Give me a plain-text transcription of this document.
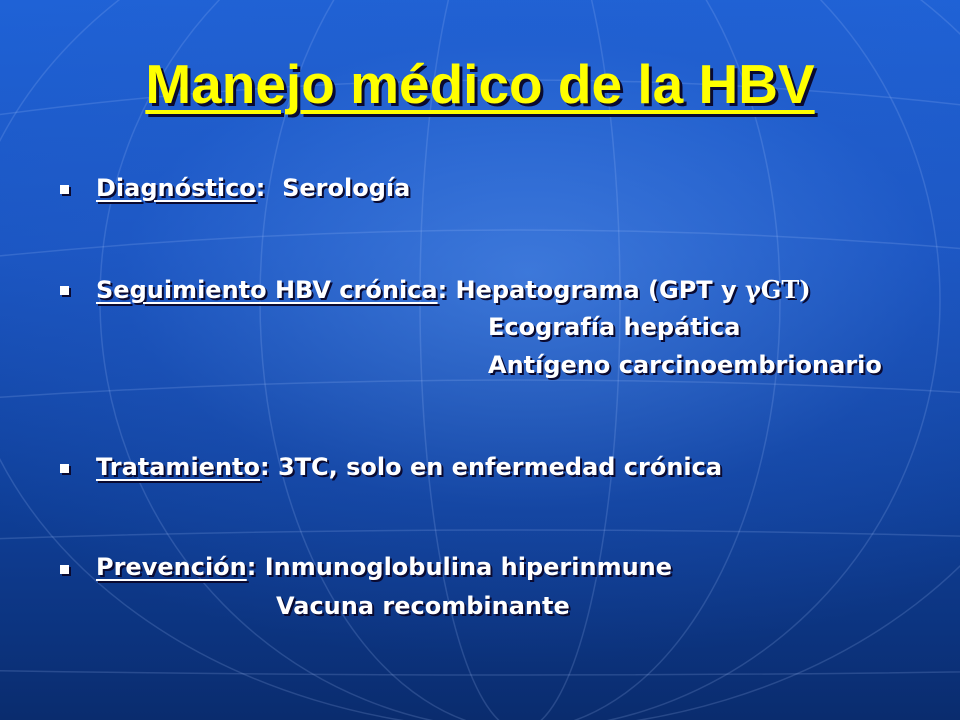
Manejo médico de la HBV
Diagnóstico:  Serología
Seguimiento HBV crónica: Hepatograma (GPT y γGT)
Ecografía hepática
Antígeno carcinoembrionario
Tratamiento: 3TC, solo en enfermedad crónica
Prevención: Inmunoglobulina hiperinmune
Vacuna recombinante
